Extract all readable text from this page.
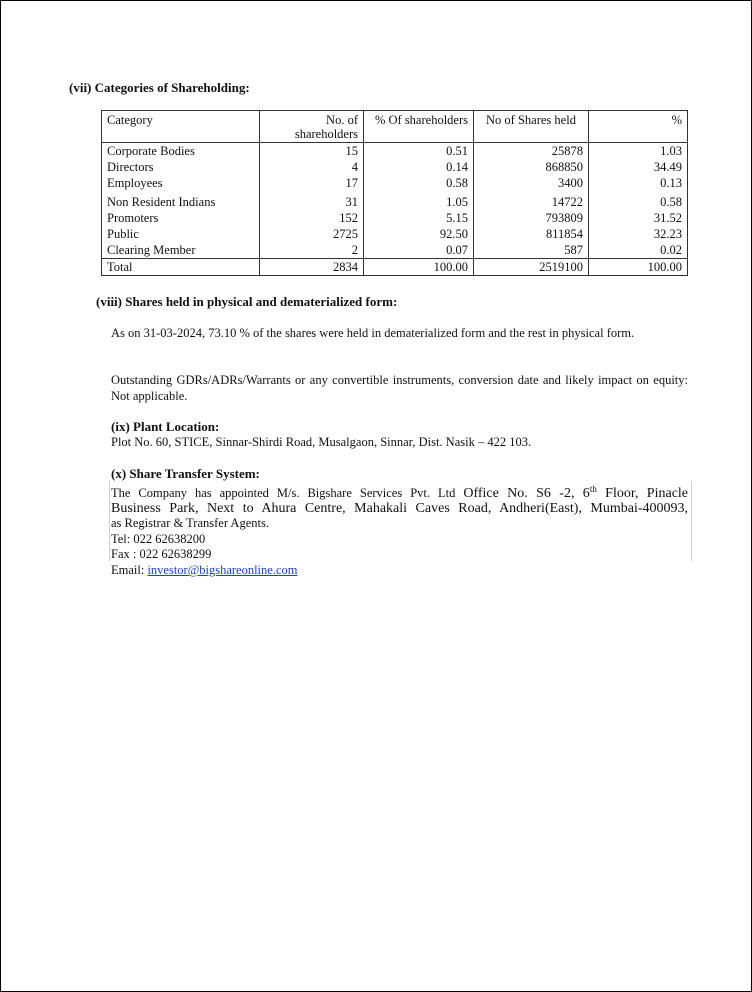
(vii) Categories of Shareholding:
Category	No. of shareholders	% Of shareholders	No of Shares held	%
Corporate Bodies	15	0.51	25878	1.03
Directors	4	0.14	868850	34.49
Employees	17	0.58	3400	0.13
Non Resident Indians	31	1.05	14722	0.58
Promoters	152	5.15	793809	31.52
Public	2725	92.50	811854	32.23
Clearing Member	2	0.07	587	0.02
Total	2834	100.00	2519100	100.00
(viii) Shares held in physical and dematerialized form:
As on 31-03-2024, 73.10 % of the shares were held in dematerialized form and the rest in physical form.
Outstanding GDRs/ADRs/Warrants or any convertible instruments, conversion date and likely impact on equity: Not applicable.
(ix) Plant Location:
Plot No. 60, STICE, Sinnar-Shirdi Road, Musalgaon, Sinnar, Dist. Nasik – 422 103.
(x) Share Transfer System:
The Company has appointed M/s. Bigshare Services Pvt. Ltd Office No. S6 -2, 6th Floor, Pinacle
Business Park, Next to Ahura Centre, Mahakali Caves Road, Andheri(East), Mumbai-400093,
as Registrar & Transfer Agents.
Tel: 022 62638200
Fax : 022 62638299
Email: investor@bigshareonline.com
